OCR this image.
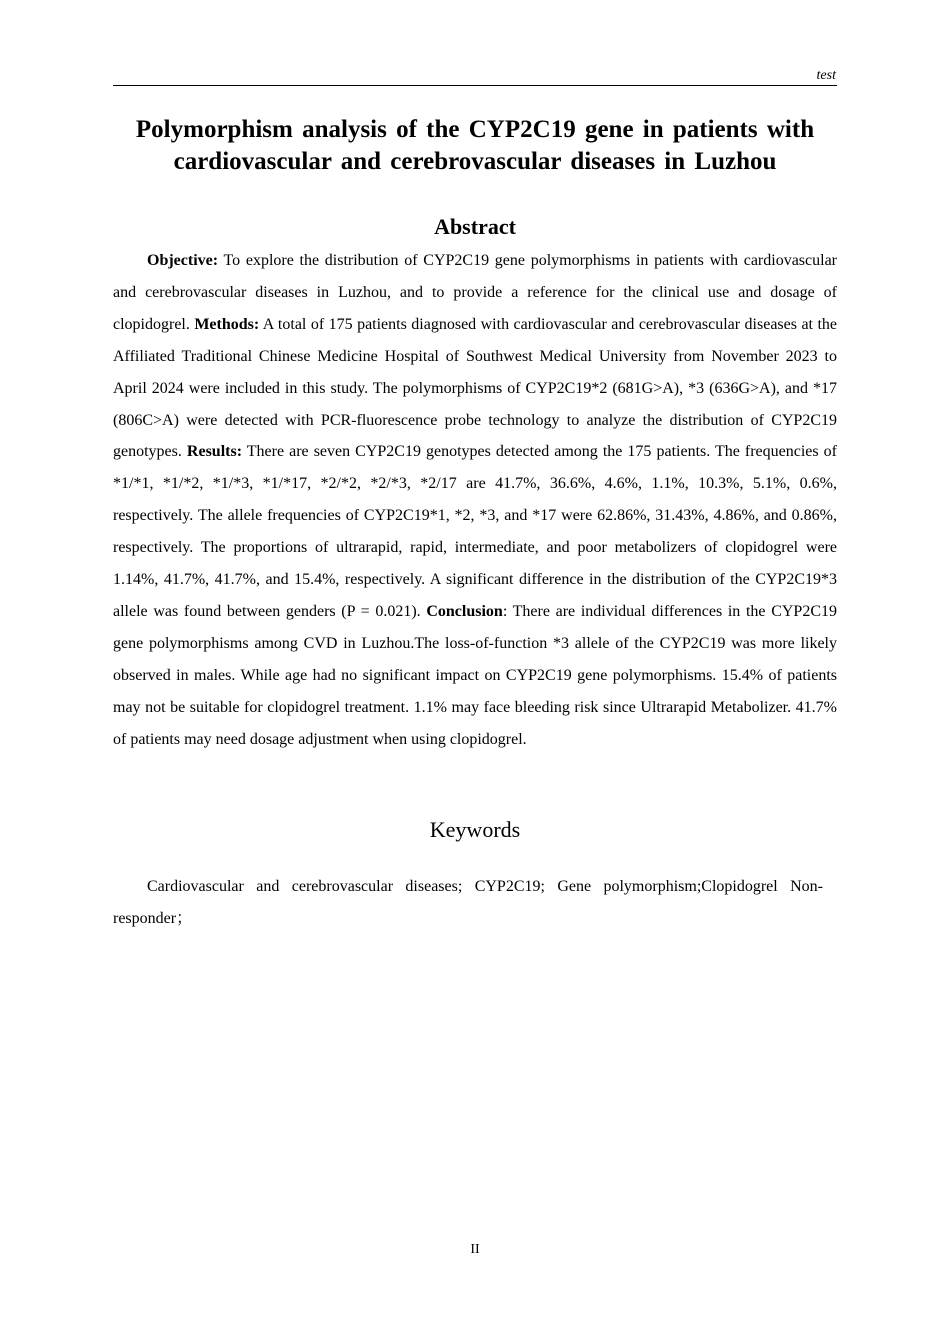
test
Polymorphism analysis of the CYP2C19 gene in patients with cardiovascular and cerebrovascular diseases in Luzhou
Abstract

Objective: To explore the distribution of CYP2C19 gene polymorphisms in patients with cardiovascular and cerebrovascular diseases in Luzhou, and to provide a reference for the clinical use and dosage of clopidogrel. Methods: A total of 175 patients diagnosed with cardiovascular and cerebrovascular diseases at the Affiliated Traditional Chinese Medicine Hospital of Southwest Medical University from November 2023 to April 2024 were included in this study. The polymorphisms of CYP2C19*2 (681G>A), *3 (636G>A), and *17 (806C>A) were detected with PCR-fluorescence probe technology to analyze the distribution of CYP2C19 genotypes. Results: There are seven CYP2C19 genotypes detected among the 175 patients. The frequencies of *1/*1, *1/*2, *1/*3, *1/*17, *2/*2, *2/*3, *2/17 are 41.7%, 36.6%, 4.6%, 1.1%, 10.3%, 5.1%, 0.6%, respectively. The allele frequencies of CYP2C19*1, *2, *3, and *17 were 62.86%, 31.43%, 4.86%, and 0.86%, respectively. The proportions of ultrarapid, rapid, intermediate, and poor metabolizers of clopidogrel were 1.14%, 41.7%, 41.7%, and 15.4%, respectively. A significant difference in the distribution of the CYP2C19*3 allele was found between genders (P = 0.021). Conclusion: There are individual differences in the CYP2C19 gene polymorphisms among CVD in Luzhou.The loss-of-function *3 allele of the CYP2C19 was more likely observed in males. While age had no significant impact on CYP2C19 gene polymorphisms. 15.4% of patients may not be suitable for clopidogrel treatment. 1.1% may face bleeding risk since Ultrarapid Metabolizer. 41.7% of patients may need dosage adjustment when using clopidogrel.

Keywords

Cardiovascular and cerebrovascular diseases; CYP2C19; Gene polymorphism;Clopidogrel Non-responder；

II
